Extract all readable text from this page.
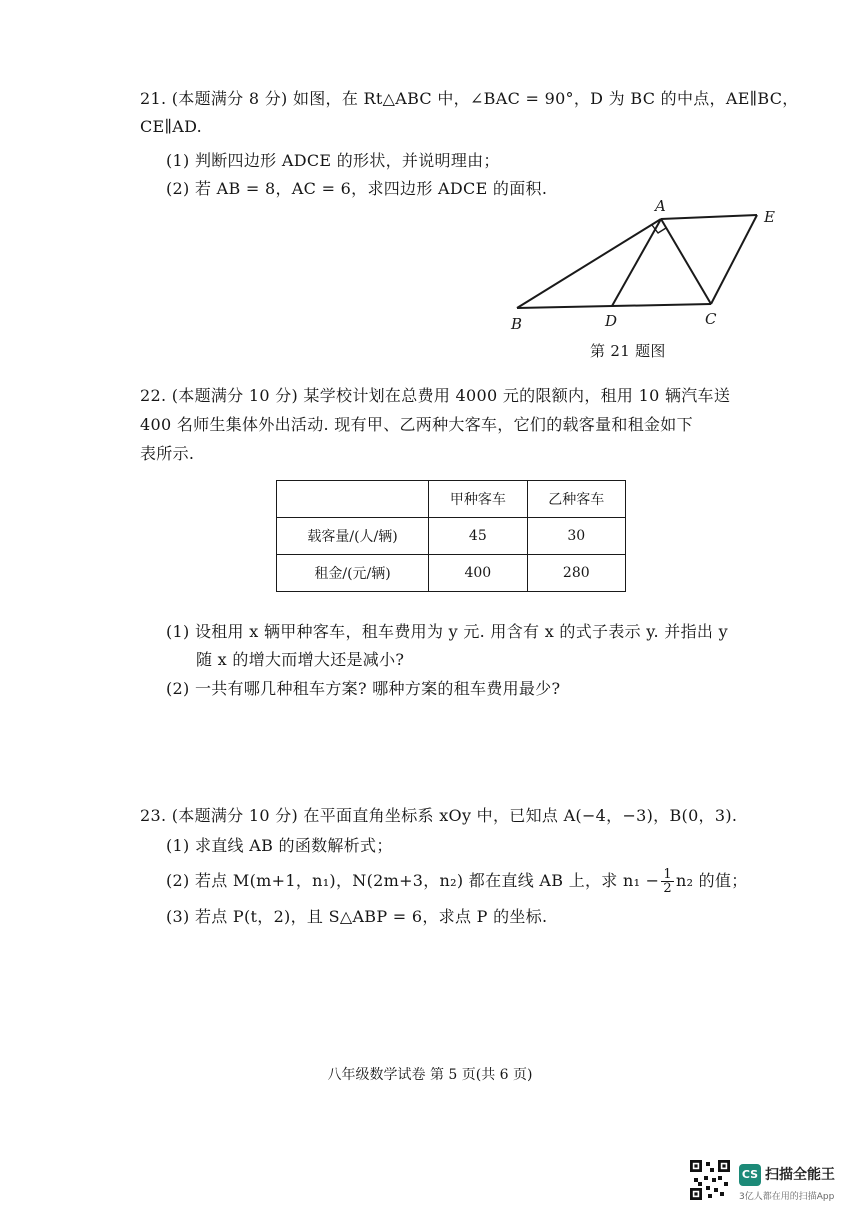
21. (本题满分 8 分) 如图，在 Rt△ABC 中，∠BAC = 90°，D 为 BC 的中点，AE∥BC，
CE∥AD.
(1) 判断四边形 ADCE 的形状，并说明理由；
(2) 若 AB = 8，AC = 6，求四边形 ADCE 的面积.
A
E
B	D	C
第 21 题图
22. (本题满分 10 分) 某学校计划在总费用 4000 元的限额内，租用 10 辆汽车送
400 名师生集体外出活动. 现有甲、乙两种大客车，它们的载客量和租金如下
表所示.
	甲种客车	乙种客车
载客量/(人/辆)	45	30
租金/(元/辆)	400	280
(1) 设租用 x 辆甲种客车，租车费用为 y 元. 用含有 x 的式子表示 y. 并指出 y
随 x 的增大而增大还是减小?
(2) 一共有哪几种租车方案? 哪种方案的租车费用最少?
23. (本题满分 10 分) 在平面直角坐标系 xOy 中，已知点 A(−4，−3)，B(0，3).
(1) 求直线 AB 的函数解析式；
(2) 若点 M(m+1，n₁)，N(2m+3，n₂) 都在直线 AB 上，求 $n_1 - \frac{1}{2} n_2$ 的值；
(3) 若点 P(t，2)，且 S△ABP = 6，求点 P 的坐标.
八年级数学试卷 第 5 页(共 6 页)
CS 扫描全能王
3亿人都在用的扫描App
